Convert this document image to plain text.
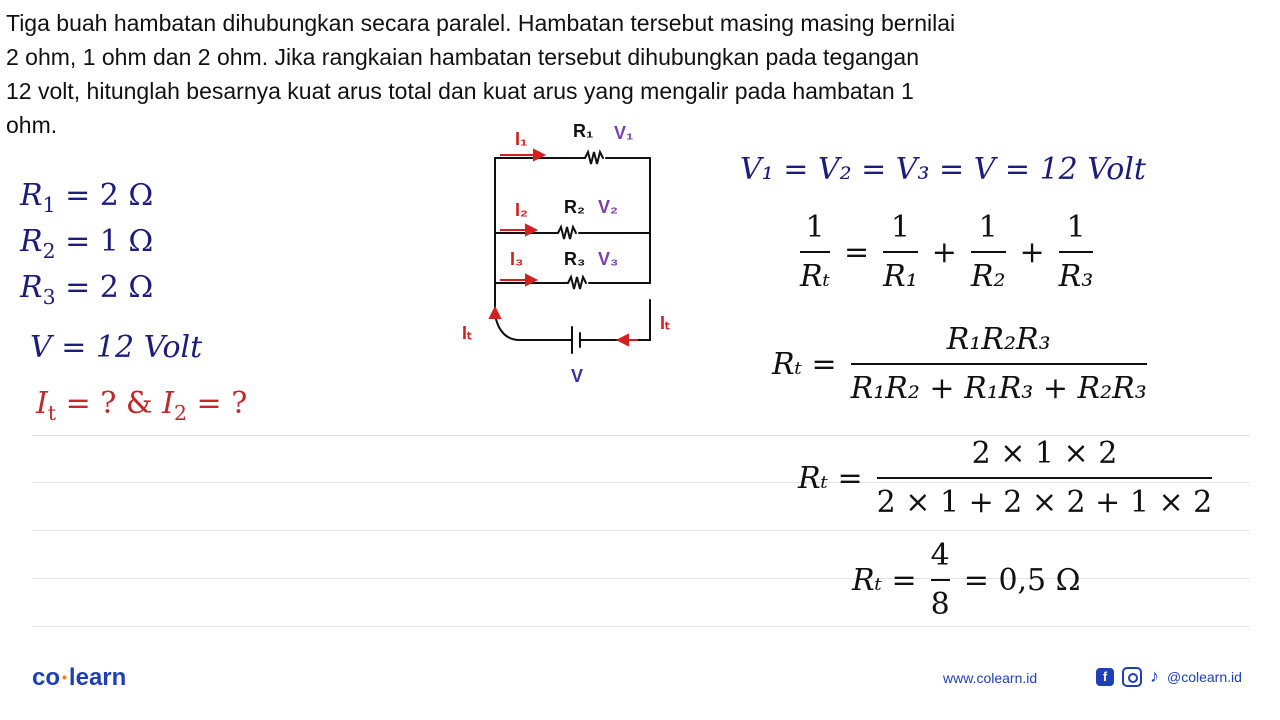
Tiga buah hambatan dihubungkan secara paralel. Hambatan tersebut masing masing bernilai

2 ohm, 1 ohm dan 2 ohm. Jika rangkaian hambatan tersebut dihubungkan pada tegangan

12 volt, hitunglah besarnya kuat arus total dan kuat arus yang mengalir pada hambatan 1

ohm.

$R_1 = 2$ Ω
$R_2 = 1$ Ω
$R_3 = 2$ Ω
V = 12 Volt
$I_t$ = ? & $I_2$ = ?
I₁	R₁ V₁
I₂ R₂ V₂
I₃ R₃ V₃
Iₜ	Iₜ
V
V₁ = V₂ = V₃ = V = 12 Volt
$\frac{1}{\text{Rₜ}} = \frac{1}{\text{R₁}} + \frac{1}{\text{R₂}} + \frac{1}{\text{R₃}}$
$R_t = \frac{\text{R₁R₂R₃}}{\text{R₁R₂ + R₁R₃ + R₂R₃}}$
$R_t = \frac{2 \times 1 \times 2}{2 \times 1 + 2 \times 2 + 1 \times 2}$
$R_t = \frac{4}{8} = 0,5$ Ω
co •learn	www.colearn.id	f	♪ @colearn.id
